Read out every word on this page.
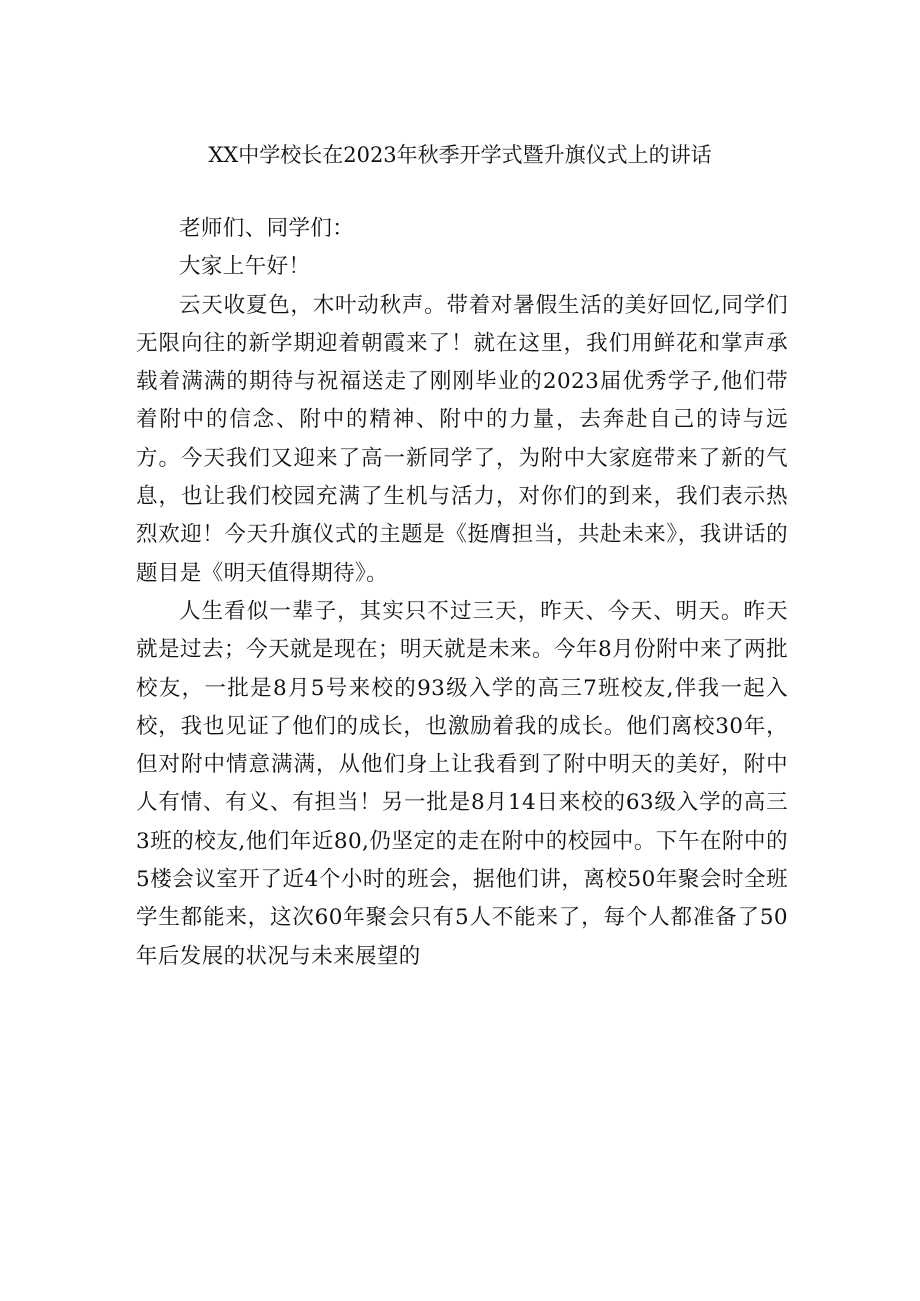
XX中学校长在2023年秋季开学式暨升旗仪式上的讲话

老师们、同学们：

大家上午好！

云天收夏色，木叶动秋声。带着对暑假生活的美好回忆,同学们无限向往的新学期迎着朝霞来了！就在这里，我们用鲜花和掌声承载着满满的期待与祝福送走了刚刚毕业的2023届优秀学子,他们带着附中的信念、附中的精神、附中的力量，去奔赴自己的诗与远方。今天我们又迎来了高一新同学了，为附中大家庭带来了新的气息，也让我们校园充满了生机与活力，对你们的到来，我们表示热烈欢迎！今天升旗仪式的主题是《挺膺担当，共赴未来》，我讲话的题目是《明天值得期待》。

人生看似一辈子，其实只不过三天，昨天、今天、明天。昨天就是过去；今天就是现在；明天就是未来。今年8月份附中来了两批校友，一批是8月5号来校的93级入学的高三7班校友,伴我一起入校，我也见证了他们的成长，也激励着我的成长。他们离校30年，但对附中情意满满，从他们身上让我看到了附中明天的美好，附中人有情、有义、有担当！另一批是8月14日来校的63级入学的高三3班的校友,他们年近80,仍坚定的走在附中的校园中。下午在附中的5楼会议室开了近4个小时的班会，据他们讲，离校50年聚会时全班学生都能来，这次60年聚会只有5人不能来了，每个人都准备了50年后发展的状况与未来展望的
